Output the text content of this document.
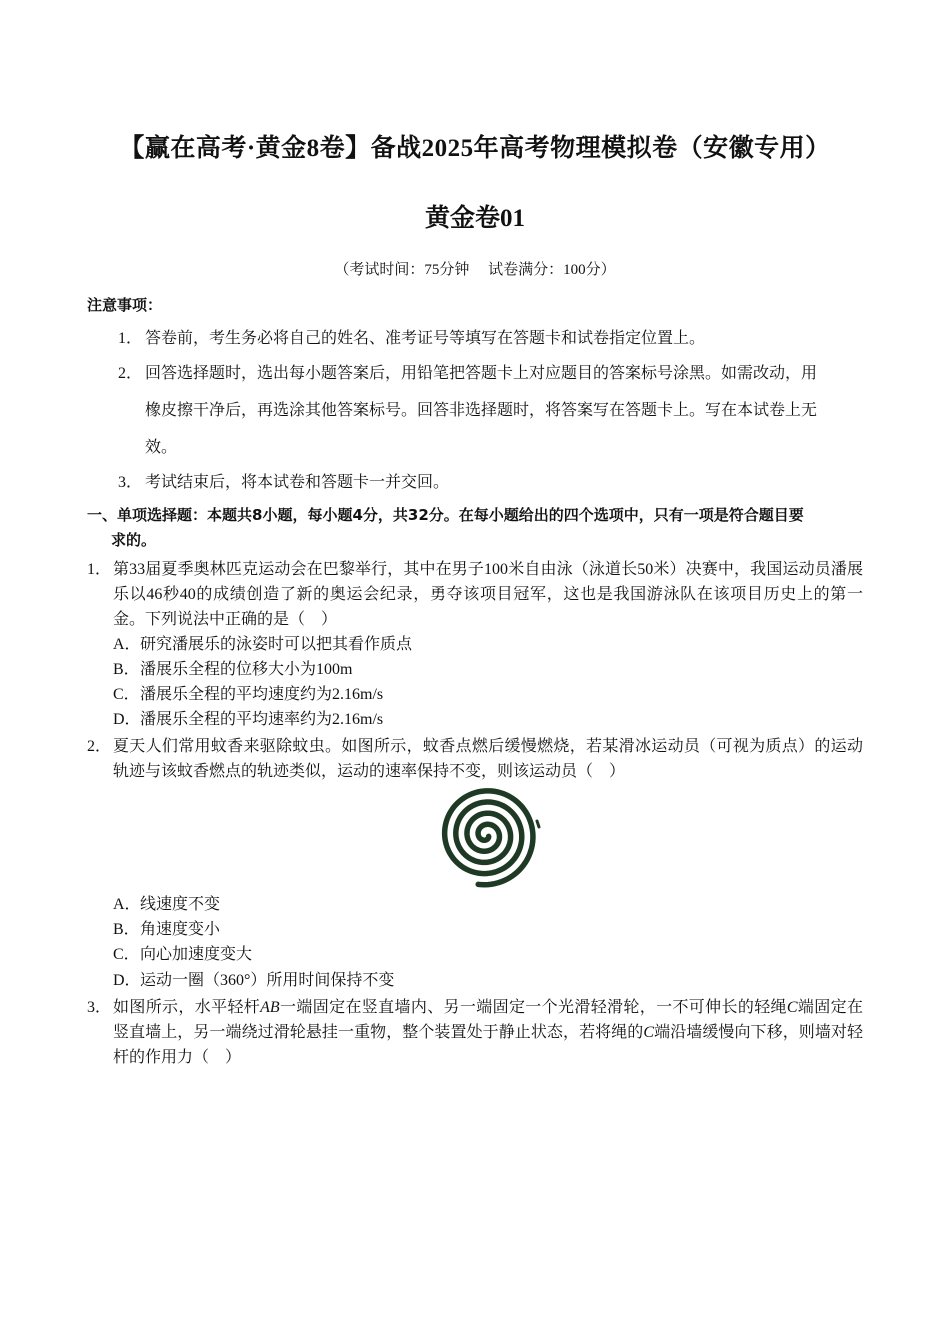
【赢在高考·黄金8卷】备战2025年高考物理模拟卷（安徽专用）
黄金卷01
（考试时间：75分钟　 试卷满分：100分）
注意事项：
1． 答卷前，考生务必将自己的姓名、准考证号等填写在答题卡和试卷指定位置上。
2． 回答选择题时，选出每小题答案后，用铅笔把答题卡上对应题目的答案标号涂黑。如需改动，用
橡皮擦干净后，再选涂其他答案标号。回答非选择题时，将答案写在答题卡上。写在本试卷上无
效。
3． 考试结束后，将本试卷和答题卡一并交回。
一、单项选择题：本题共8小题，每小题4分，共32分。在每小题给出的四个选项中，只有一项是符合题目要
求的。
1． 第33届夏季奥林匹克运动会在巴黎举行，其中在男子100米自由泳（泳道长50米）决赛中，我国运动员潘展乐以46秒40的成绩创造了新的奥运会纪录，勇夺该项目冠军，这也是我国游泳队在该项目历史上的第一金。下列说法中正确的是（　）
A．研究潘展乐的泳姿时可以把其看作质点
B．潘展乐全程的位移大小为100m
C．潘展乐全程的平均速度约为2.16m/s
D．潘展乐全程的平均速率约为2.16m/s
2． 夏天人们常用蚊香来驱除蚊虫。如图所示，蚊香点燃后缓慢燃烧，若某滑冰运动员（可视为质点）的运动轨迹与该蚊香燃点的轨迹类似，运动的速率保持不变，则该运动员（　）
A．线速度不变
B．角速度变小
C．向心加速度变大
D．运动一圈（360°）所用时间保持不变
3． 如图所示，水平轻杆AB一端固定在竖直墙内、另一端固定一个光滑轻滑轮，一不可伸长的轻绳C端固定在竖直墙上，另一端绕过滑轮悬挂一重物，整个装置处于静止状态，若将绳的C端沿墙缓慢向下移，则墙对轻杆的作用力（　）
